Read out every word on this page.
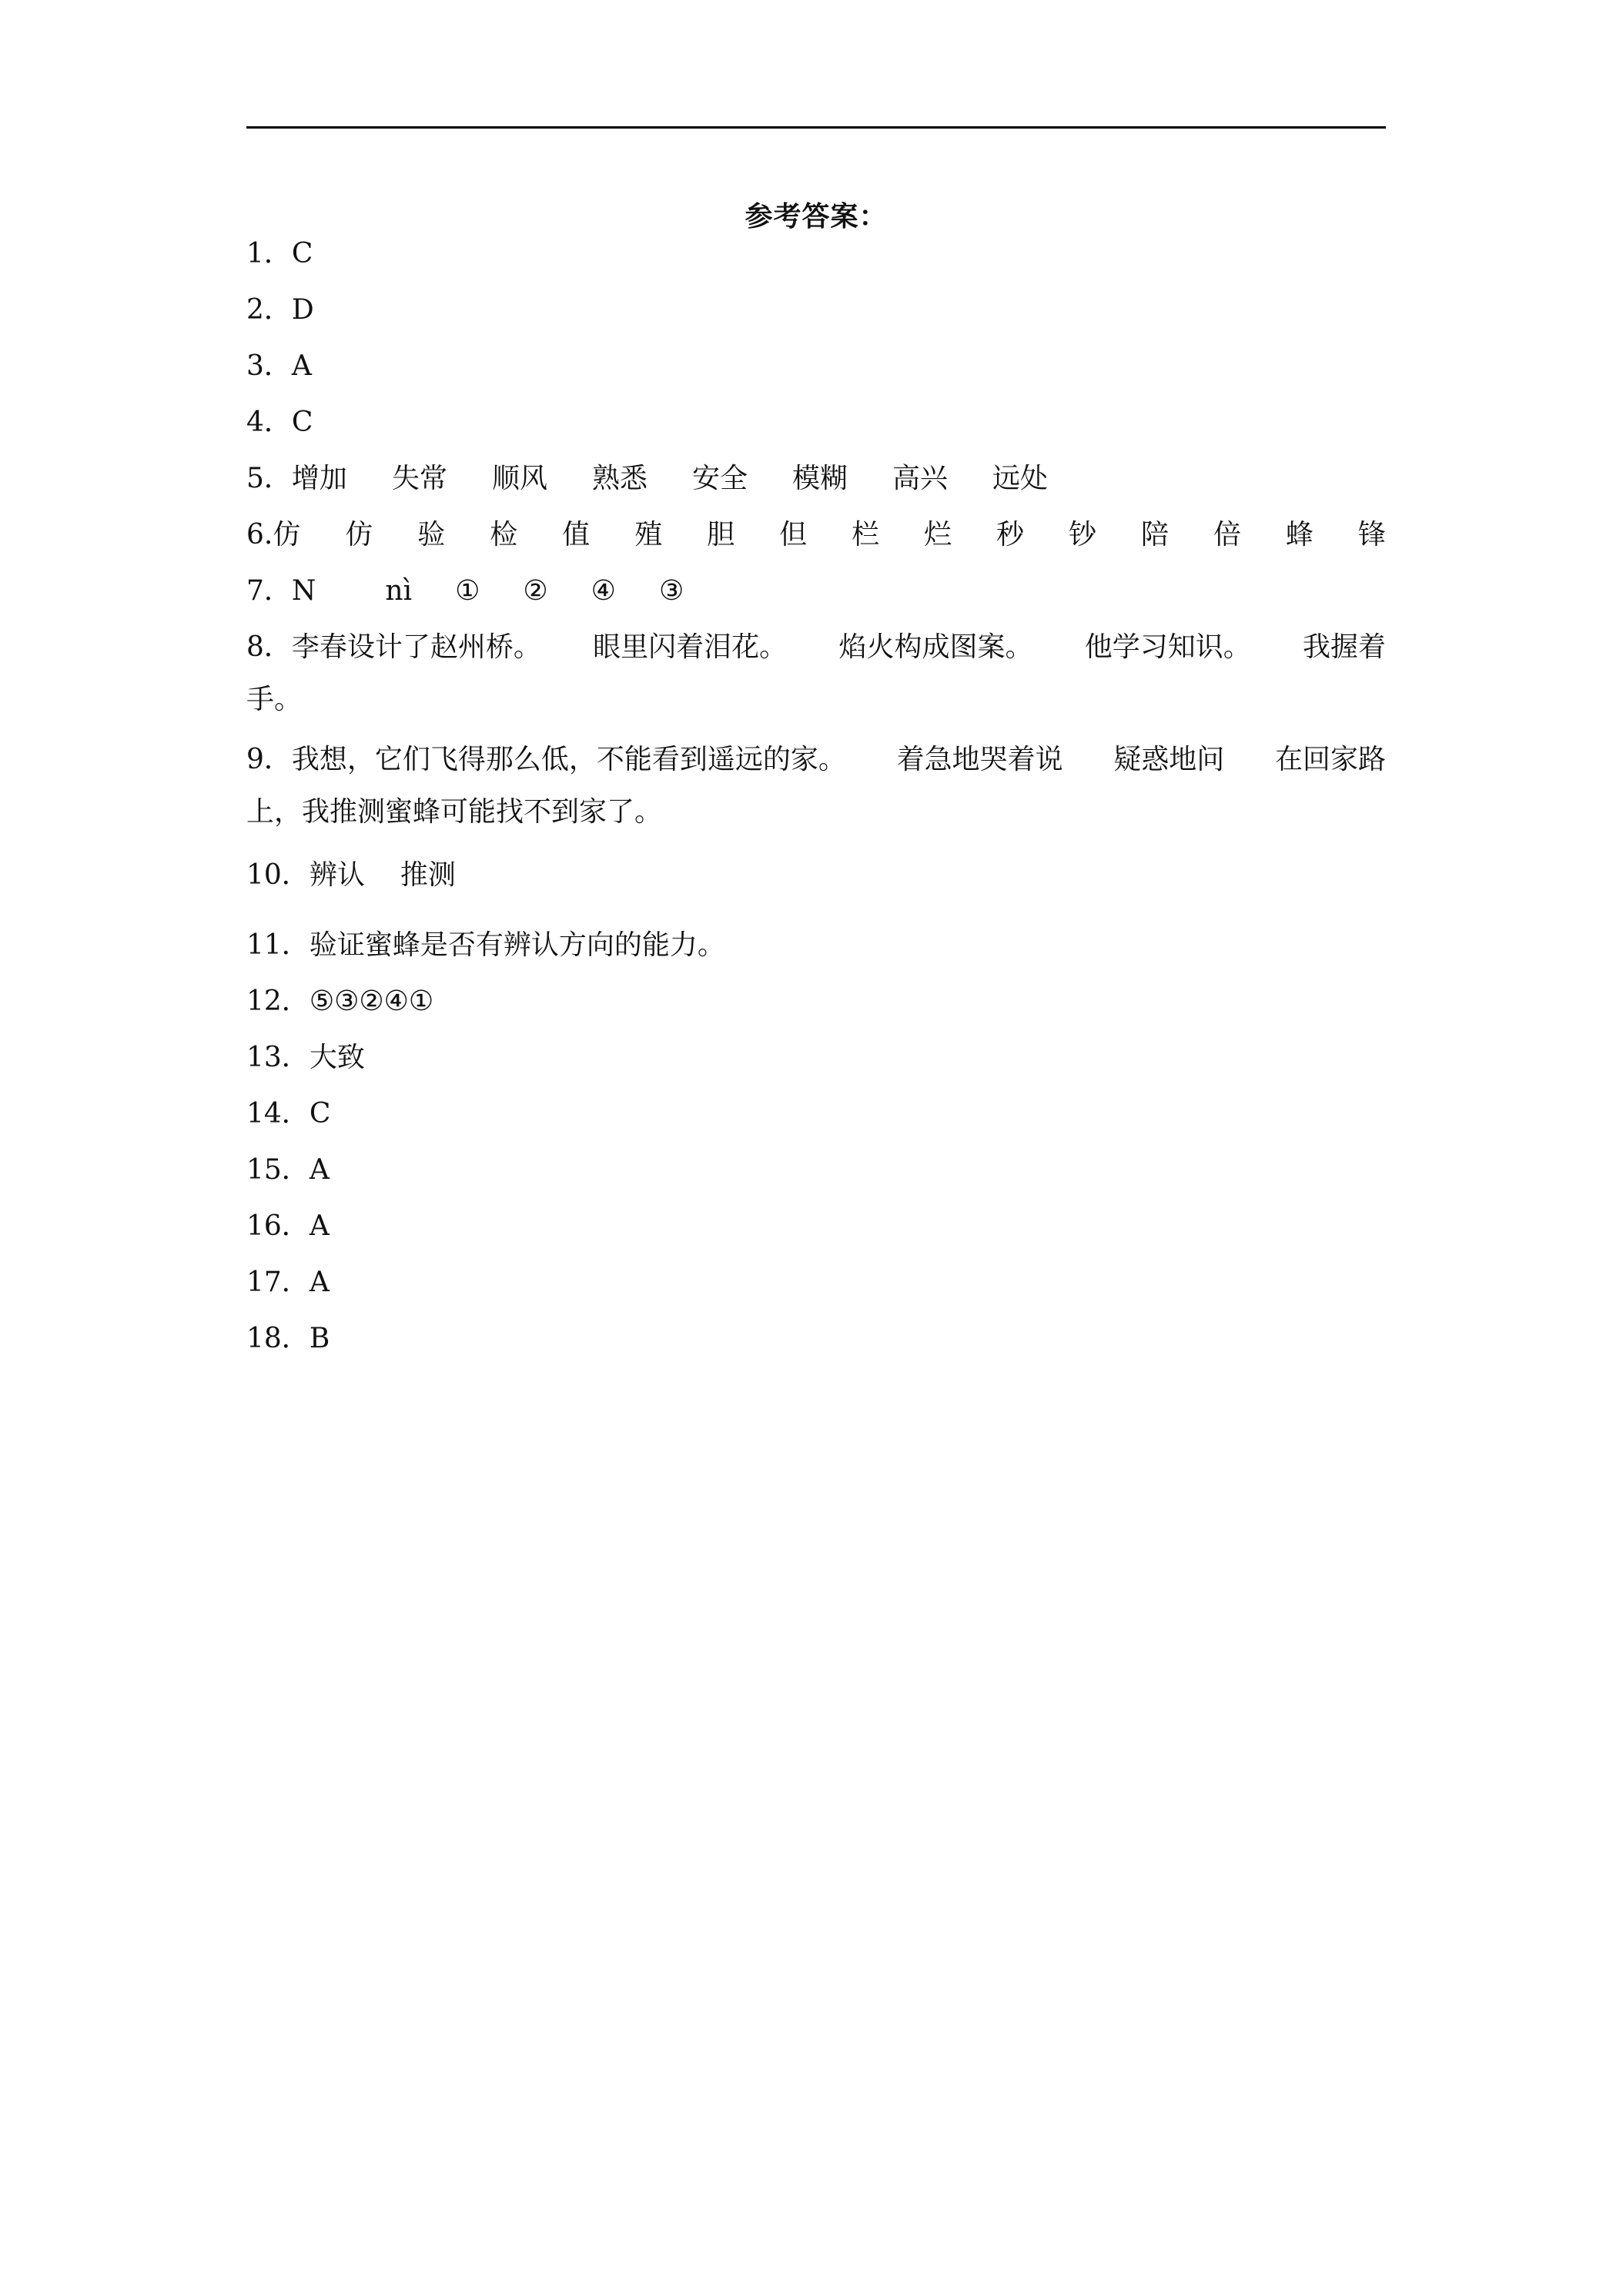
参考答案：
1．C
2．D
3．A
4．C
5．增加 失常 顺风 熟悉 安全 模糊 高兴 远处
6.仿 仿 验 检 值 殖 胆 但 栏 烂 秒 钞 陪 倍 蜂 锋
7．N	nì ① ② ④ ③
8．李春设计了赵州桥。 眼里闪着泪花。 焰火构成图案。 他学习知识。 我握着
手。
9．我想，它们飞得那么低，不能看到遥远的家。 着急地哭着说 疑惑地问 在回家路
上，我推测蜜蜂可能找不到家了。
10．辨认 推测
11．验证蜜蜂是否有辨认方向的能力。
12．⑤③②④①
13．大致
14．C
15．A
16．A
17．A
18．B
